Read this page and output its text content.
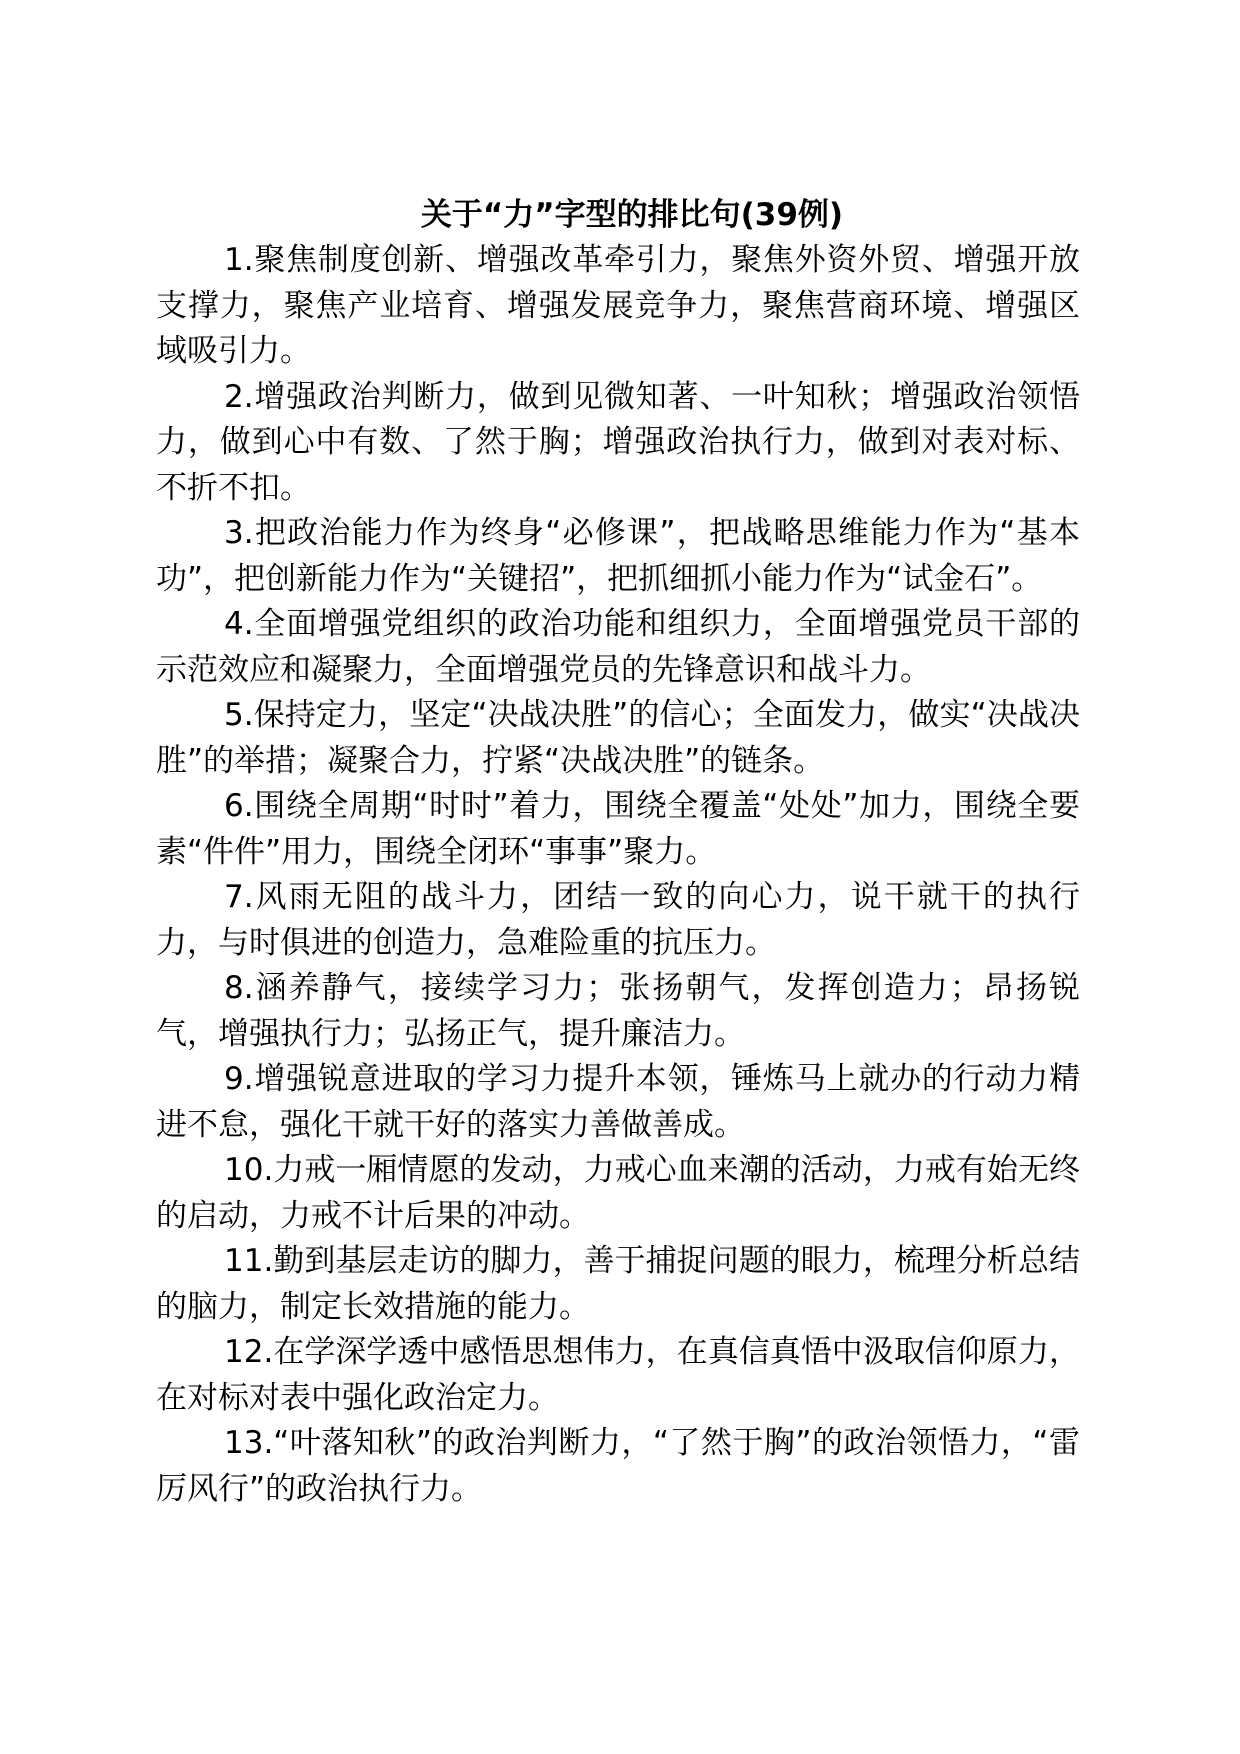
关于“力”字型的排比句(39例)

1.聚焦制度创新、增强改革牵引力，聚焦外资外贸、增强开放支撑力，聚焦产业培育、增强发展竞争力，聚焦营商环境、增强区域吸引力。

2.增强政治判断力，做到见微知著、一叶知秋；增强政治领悟力，做到心中有数、了然于胸；增强政治执行力，做到对表对标、不折不扣。

3.把政治能力作为终身“必修课”，把战略思维能力作为“基本功”，把创新能力作为“关键招”，把抓细抓小能力作为“试金石”。

4.全面增强党组织的政治功能和组织力，全面增强党员干部的示范效应和凝聚力，全面增强党员的先锋意识和战斗力。

5.保持定力，坚定“决战决胜”的信心；全面发力，做实“决战决胜”的举措；凝聚合力，拧紧“决战决胜”的链条。

6.围绕全周期“时时”着力，围绕全覆盖“处处”加力，围绕全要素“件件”用力，围绕全闭环“事事”聚力。

7.风雨无阻的战斗力，团结一致的向心力，说干就干的执行力，与时俱进的创造力，急难险重的抗压力。

8.涵养静气，接续学习力；张扬朝气，发挥创造力；昂扬锐气，增强执行力；弘扬正气，提升廉洁力。

9.增强锐意进取的学习力提升本领，锤炼马上就办的行动力精进不怠，强化干就干好的落实力善做善成。

10.力戒一厢情愿的发动，力戒心血来潮的活动，力戒有始无终的启动，力戒不计后果的冲动。

11.勤到基层走访的脚力，善于捕捉问题的眼力，梳理分析总结的脑力，制定长效措施的能力。

12.在学深学透中感悟思想伟力，在真信真悟中汲取信仰原力，在对标对表中强化政治定力。

13.“叶落知秋”的政治判断力，“了然于胸”的政治领悟力，“雷厉风行”的政治执行力。
